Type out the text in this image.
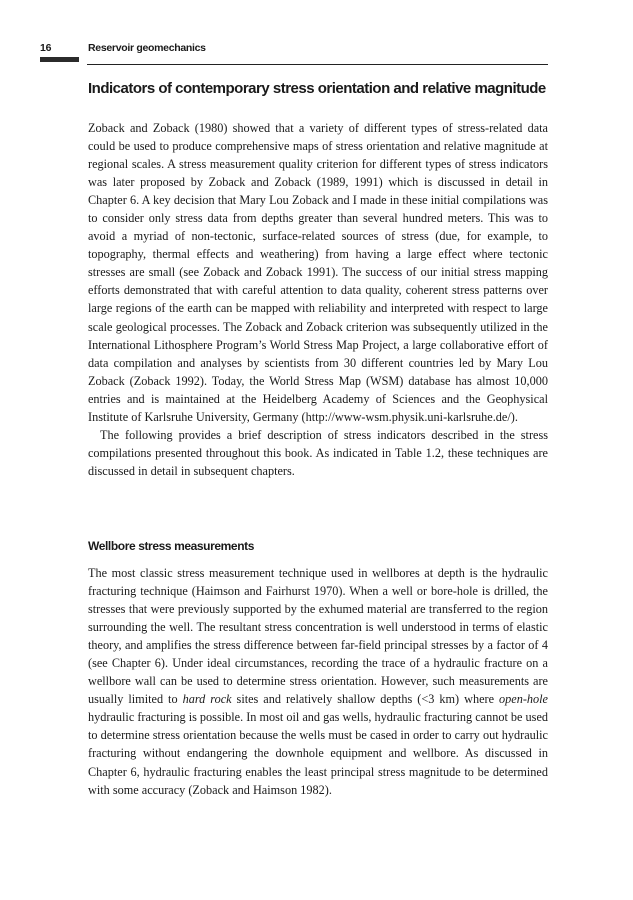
16	Reservoir geomechanics
Indicators of contemporary stress orientation and relative magnitude

Zoback and Zoback (1980) showed that a variety of different types of stress-related data could be used to produce comprehensive maps of stress orientation and relative magnitude at regional scales. A stress measurement quality criterion for different types of stress indicators was later proposed by Zoback and Zoback (1989, 1991) which is discussed in detail in Chapter 6. A key decision that Mary Lou Zoback and I made in these initial compilations was to consider only stress data from depths greater than several hundred meters. This was to avoid a myriad of non-tectonic, surface-related sources of stress (due, for example, to topography, thermal effects and weathering) from having a large effect where tectonic stresses are small (see Zoback and Zoback 1991). The success of our initial stress mapping efforts demonstrated that with careful attention to data quality, coherent stress patterns over large regions of the earth can be mapped with reliability and interpreted with respect to large scale geological processes. The Zoback and Zoback criterion was subsequently utilized in the International Lithosphere Program’s World Stress Map Project, a large collaborative effort of data compilation and analyses by scientists from 30 different countries led by Mary Lou Zoback (Zoback 1992). Today, the World Stress Map (WSM) database has almost 10,000 entries and is maintained at the Heidelberg Academy of Sciences and the Geophysical Institute of Karlsruhe University, Germany (http://www-wsm.physik.uni-karlsruhe.de/).

The following provides a brief description of stress indicators described in the stress compilations presented throughout this book. As indicated in Table 1.2, these techniques are discussed in detail in subsequent chapters.

Wellbore stress measurements

The most classic stress measurement technique used in wellbores at depth is the hydraulic fracturing technique (Haimson and Fairhurst 1970). When a well or bore-hole is drilled, the stresses that were previously supported by the exhumed material are transferred to the region surrounding the well. The resultant stress concentration is well understood in terms of elastic theory, and amplifies the stress difference between far-field principal stresses by a factor of 4 (see Chapter 6). Under ideal circumstances, recording the trace of a hydraulic fracture on a wellbore wall can be used to determine stress orientation. However, such measurements are usually limited to hard rock sites and relatively shallow depths (<3 km) where open-hole hydraulic fracturing is possible. In most oil and gas wells, hydraulic fracturing cannot be used to determine stress orientation because the wells must be cased in order to carry out hydraulic fracturing without endangering the downhole equipment and wellbore. As discussed in Chapter 6, hydraulic fracturing enables the least principal stress magnitude to be determined with some accuracy (Zoback and Haimson 1982).
